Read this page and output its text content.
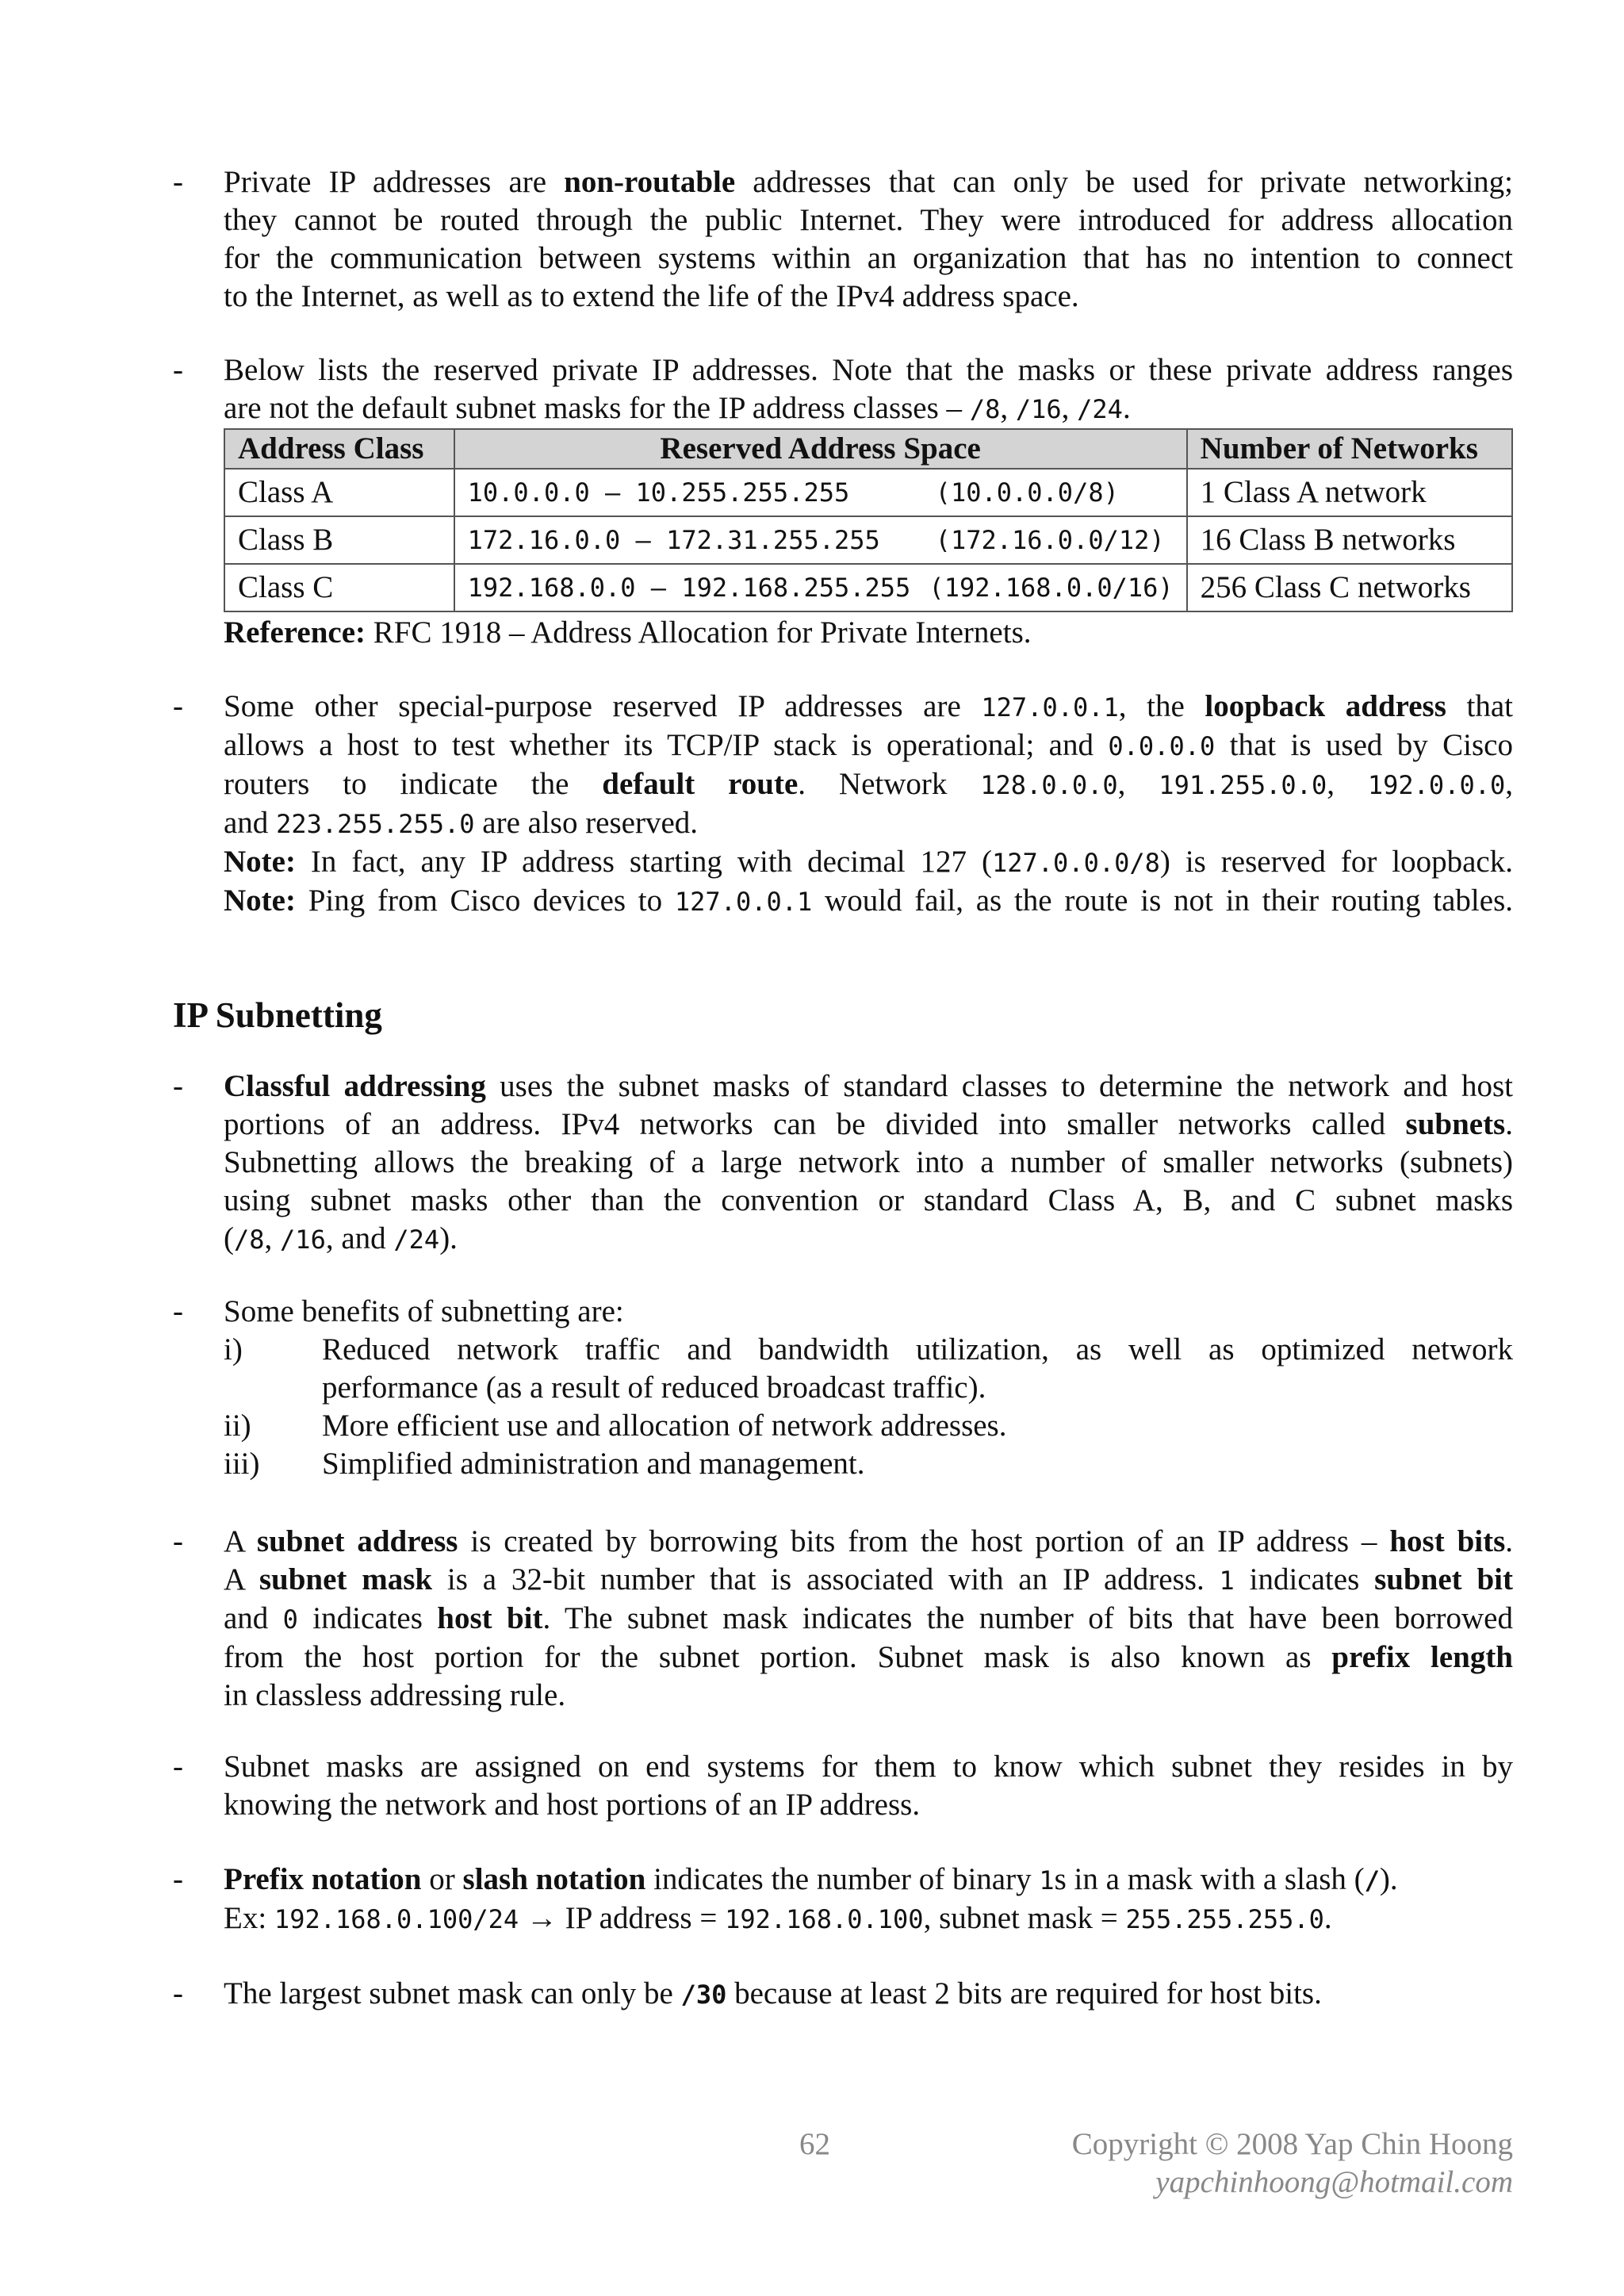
- Private IP addresses are non-routable addresses that can only be used for private networking;
they cannot be routed through the public Internet. They were introduced for address allocation
for the communication between systems within an organization that has no intention to connect
to the Internet, as well as to extend the life of the IPv4 address space.
- Below lists the reserved private IP addresses. Note that the masks or these private address ranges
are not the default subnet masks for the IP address classes – /8, /16, /24.
Address Class	Reserved Address Space	Number of Networks
Class A	10.0.0.0 – 10.255.255.255 (10.0.0.0/8)	1 Class A network
Class B	172.16.0.0 – 172.31.255.255 (172.16.0.0/12)	16 Class B networks
Class C	192.168.0.0 – 192.168.255.255 (192.168.0.0/16)	256 Class C networks
Reference: RFC 1918 – Address Allocation for Private Internets.
- Some other special-purpose reserved IP addresses are 127.0.0.1, the loopback address that
allows a host to test whether its TCP/IP stack is operational; and 0.0.0.0 that is used by Cisco
routers to indicate the default route. Network 128.0.0.0, 191.255.0.0, 192.0.0.0,
and 223.255.255.0 are also reserved.
Note: In fact, any IP address starting with decimal 127 (127.0.0.0/8) is reserved for loopback.
Note: Ping from Cisco devices to 127.0.0.1 would fail, as the route is not in their routing tables.
IP Subnetting
- Classful addressing uses the subnet masks of standard classes to determine the network and host
portions of an address. IPv4 networks can be divided into smaller networks called subnets.
Subnetting allows the breaking of a large network into a number of smaller networks (subnets)
using subnet masks other than the convention or standard Class A, B, and C subnet masks
(/8, /16, and /24).
- Some benefits of subnetting are:
i)	Reduced network traffic and bandwidth utilization, as well as optimized network
performance (as a result of reduced broadcast traffic).
ii) More efficient use and allocation of network addresses.
iii) Simplified administration and management.
- A subnet address is created by borrowing bits from the host portion of an IP address – host bits.
A subnet mask is a 32-bit number that is associated with an IP address. 1 indicates subnet bit
and 0 indicates host bit. The subnet mask indicates the number of bits that have been borrowed
from the host portion for the subnet portion. Subnet mask is also known as prefix length
in classless addressing rule.
- Subnet masks are assigned on end systems for them to know which subnet they resides in by
knowing the network and host portions of an IP address.
- Prefix notation or slash notation indicates the number of binary 1s in a mask with a slash (/).
Ex: 192.168.0.100/24 → IP address = 192.168.0.100, subnet mask = 255.255.255.0.
- The largest subnet mask can only be /30 because at least 2 bits are required for host bits.
62	Copyright © 2008 Yap Chin Hoong
yapchinhoong@hotmail.com
